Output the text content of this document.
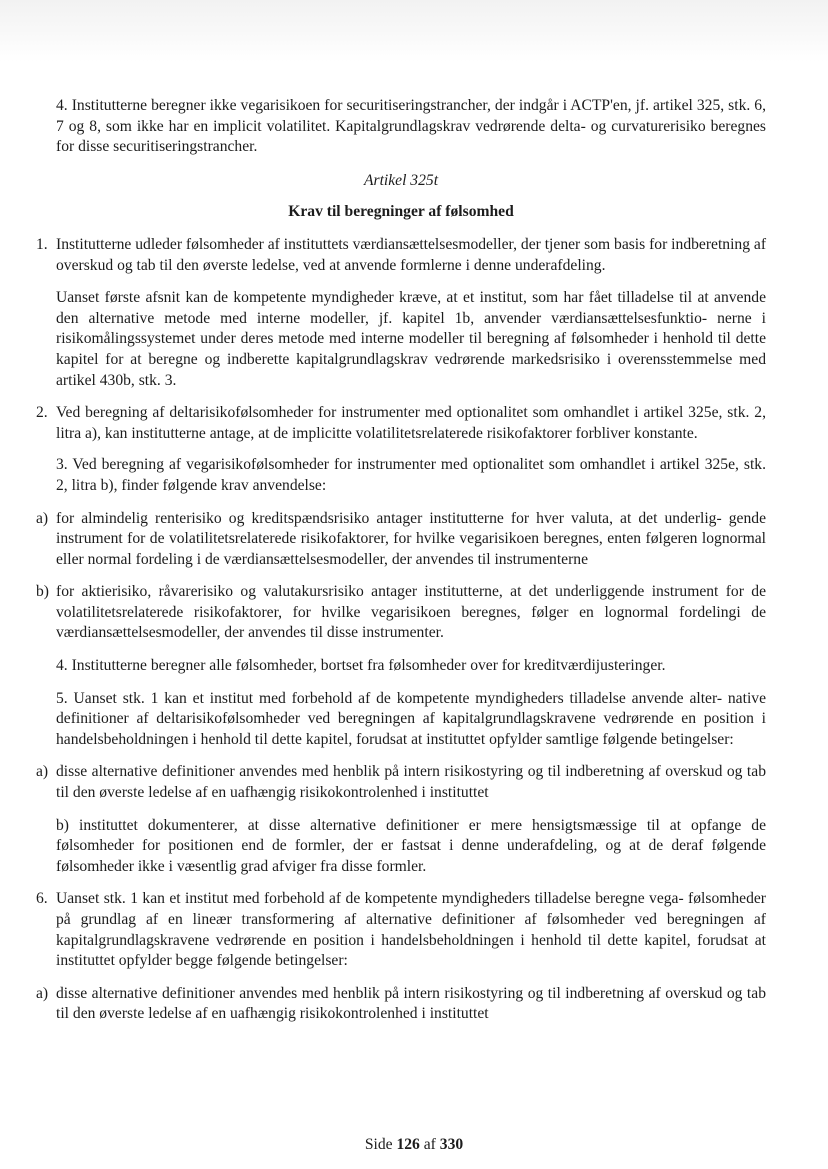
4. Institutterne beregner ikke vegarisikoen for securitiseringstrancher, der indgår i ACTP'en, jf. artikel 325, stk. 6, 7 og 8, som ikke har en implicit volatilitet. Kapitalgrundlagskrav vedrørende delta- og curvaturerisiko beregnes for disse securitiseringstrancher.

Artikel 325t

Krav til beregninger af følsomhed

1. Institutterne udleder følsomheder af instituttets værdiansættelsesmodeller, der tjener som basis for indberetning af overskud og tab til den øverste ledelse, ved at anvende formlerne i denne underafdeling.

Uanset første afsnit kan de kompetente myndigheder kræve, at et institut, som har fået tilladelse til at anvende den alternative metode med interne modeller, jf. kapitel 1b, anvender værdiansættelsesfunktio- nerne i risikomålingssystemet under deres metode med interne modeller til beregning af følsomheder i henhold til dette kapitel for at beregne og indberette kapitalgrundlagskrav vedrørende markedsrisiko i overensstemmelse med artikel 430b, stk. 3.

2. Ved beregning af deltarisikofølsomheder for instrumenter med optionalitet som omhandlet i artikel 325e, stk. 2, litra a), kan institutterne antage, at de implicitte volatilitetsrelaterede risikofaktorer forbliver konstante.

3. Ved beregning af vegarisikofølsomheder for instrumenter med optionalitet som omhandlet i artikel 325e, stk. 2, litra b), finder følgende krav anvendelse:

a) for almindelig renterisiko og kreditspændsrisiko antager institutterne for hver valuta, at det underlig- gende instrument for de volatilitetsrelaterede risikofaktorer, for hvilke vegarisikoen beregnes, enten følgeren lognormal eller normal fordeling i de værdiansættelsesmodeller, der anvendes til instrumenterne

b) for aktierisiko, råvarerisiko og valutakursrisiko antager institutterne, at det underliggende instrument for de volatilitetsrelaterede risikofaktorer, for hvilke vegarisikoen beregnes, følger en lognormal fordelingi de værdiansættelsesmodeller, der anvendes til disse instrumenter.

4. Institutterne beregner alle følsomheder, bortset fra følsomheder over for kreditværdijusteringer.

5. Uanset stk. 1 kan et institut med forbehold af de kompetente myndigheders tilladelse anvende alter- native definitioner af deltarisikofølsomheder ved beregningen af kapitalgrundlagskravene vedrørende en position i handelsbeholdningen i henhold til dette kapitel, forudsat at instituttet opfylder samtlige følgende betingelser:

a) disse alternative definitioner anvendes med henblik på intern risikostyring og til indberetning af overskud og tab til den øverste ledelse af en uafhængig risikokontrolenhed i instituttet

b) instituttet dokumenterer, at disse alternative definitioner er mere hensigtsmæssige til at opfange de følsomheder for positionen end de formler, der er fastsat i denne underafdeling, og at de deraf følgende følsomheder ikke i væsentlig grad afviger fra disse formler.

6. Uanset stk. 1 kan et institut med forbehold af de kompetente myndigheders tilladelse beregne vega- følsomheder på grundlag af en lineær transformering af alternative definitioner af følsomheder ved beregningen af kapitalgrundlagskravene vedrørende en position i handelsbeholdningen i henhold til dette kapitel, forudsat at instituttet opfylder begge følgende betingelser:

a) disse alternative definitioner anvendes med henblik på intern risikostyring og til indberetning af overskud og tab til den øverste ledelse af en uafhængig risikokontrolenhed i instituttet

Side 126 af 330
